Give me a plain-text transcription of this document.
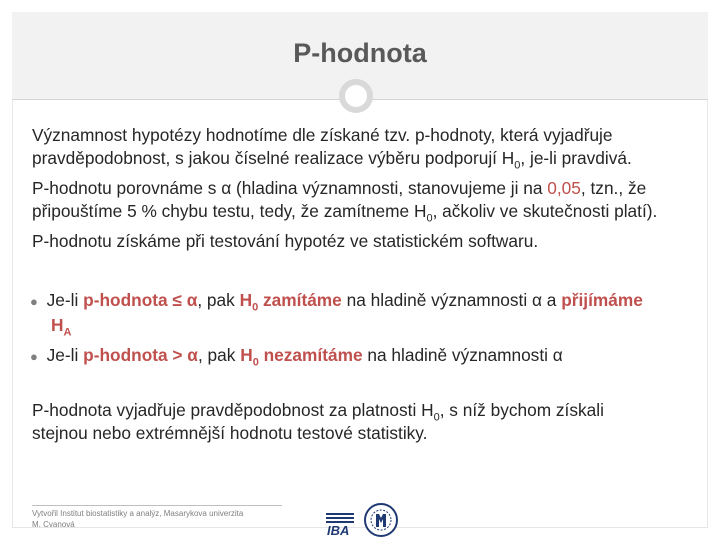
P-hodnota
Významnost hypotézy hodnotíme dle získané tzv. p-hodnoty, která vyjadřuje
pravděpodobnost, s jakou číselné realizace výběru podporují $H_0$, je-li pravdivá.
P-hodnotu porovnáme s α (hladina významnosti, stanovujeme ji na 0,05, tzn., že
připouštíme 5 % chybu testu, tedy, že zamítneme $H_0$, ačkoliv ve skutečnosti platí).
P-hodnotu získáme při testování hypotéz ve statistickém softwaru.
● Je-li p-hodnota ≤ α, pak $H_0$ zamítáme na hladině významnosti α a přijímáme
$H_A$
● Je-li p-hodnota > α, pak $H_0$ nezamítáme na hladině významnosti α
P-hodnota vyjadřuje pravděpodobnost za platnosti $H_0$, s níž bychom získali
stejnou nebo extrémnější hodnotu testové statistiky.
Vytvořil Institut biostatistiky a analýz, Masarykova univerzita
M. Cvanová	IBA
